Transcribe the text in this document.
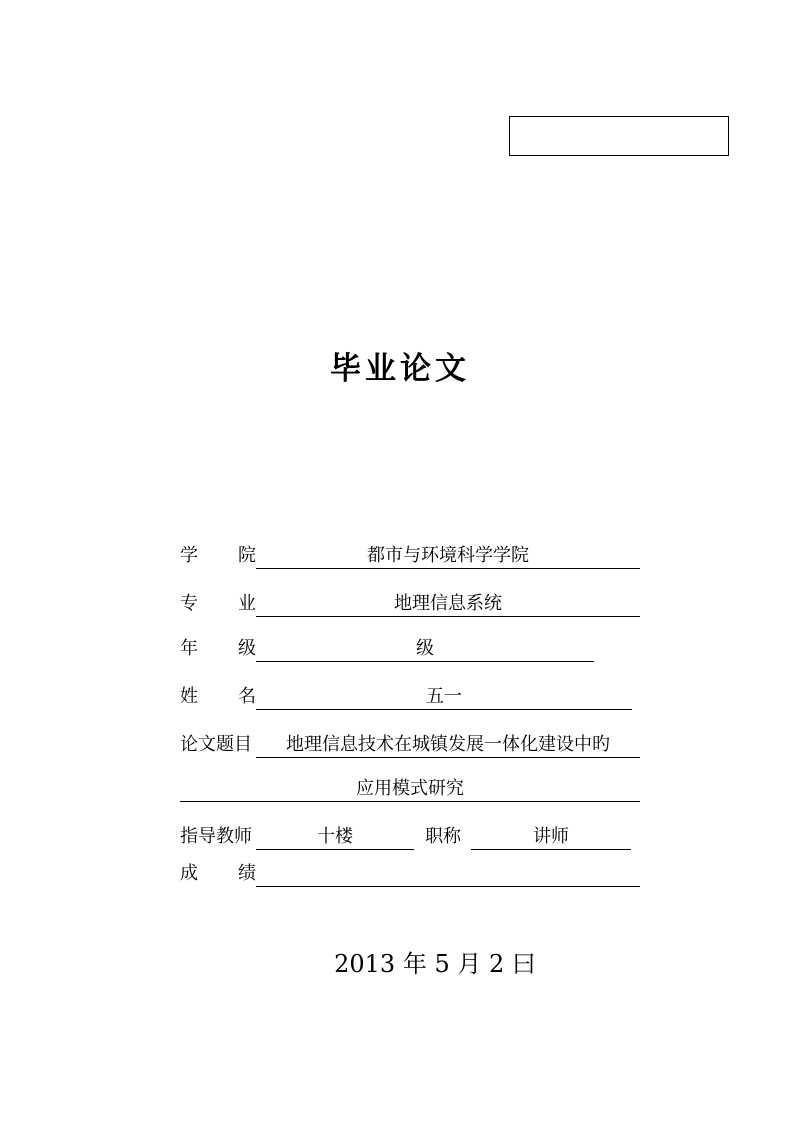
毕业论文
学 院	都市与环境科学学院
专 业	地理信息系统
年 级	级
姓 名	五一
论文题目	地理信息技术在城镇发展一体化建设中旳
应用模式研究
指导教师	十楼	职称	讲师
成 绩
2013 年 5 月 2 曰
